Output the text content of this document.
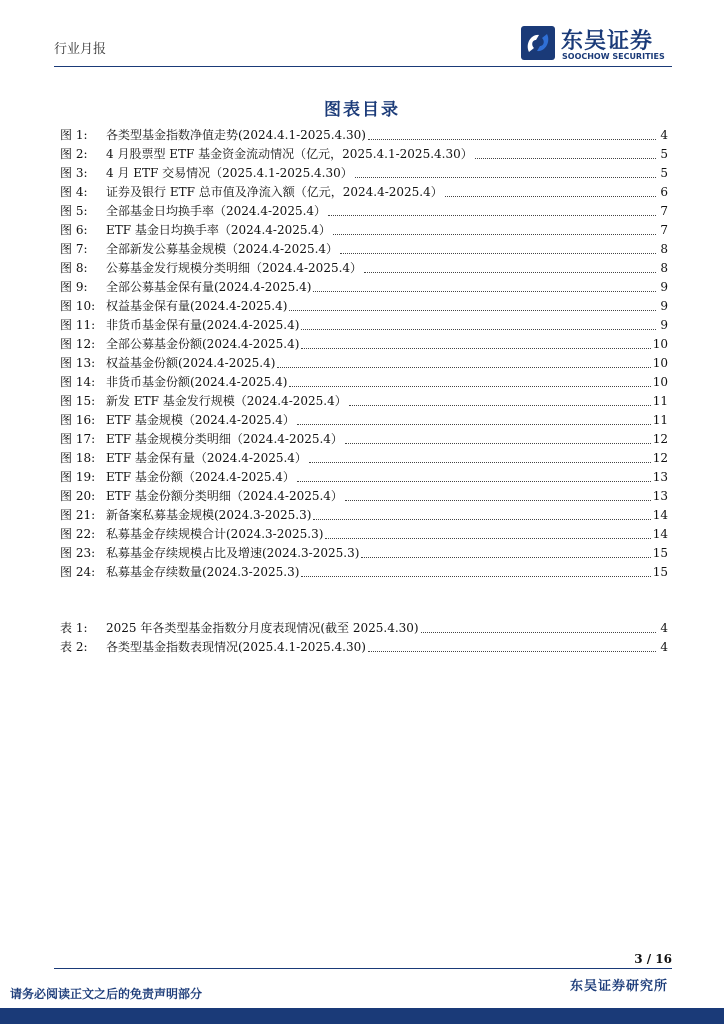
行业月报	东吴证券
SOOCHOW SECURITIES
图表目录
图 1:	各类型基金指数净值走势(2024.4.1-2025.4.30)	4
图 2:	4 月股票型 ETF 基金资金流动情况（亿元，2025.4.1-2025.4.30）	5
图 3:	4 月 ETF 交易情况（2025.4.1-2025.4.30）	5
图 4:	证券及银行 ETF 总市值及净流入额（亿元，2024.4-2025.4）	6
图 5:	全部基金日均换手率（2024.4-2025.4）	7
图 6:	ETF 基金日均换手率（2024.4-2025.4）	7
图 7:	全部新发公募基金规模（2024.4-2025.4）	8
图 8:	公募基金发行规模分类明细（2024.4-2025.4）	8
图 9:	全部公募基金保有量(2024.4-2025.4)	9
图 10: 权益基金保有量(2024.4-2025.4)	9
图 11: 非货币基金保有量(2024.4-2025.4)	9
图 12: 全部公募基金份额(2024.4-2025.4)	10
图 13: 权益基金份额(2024.4-2025.4)	10
图 14: 非货币基金份额(2024.4-2025.4)	10
图 15: 新发 ETF 基金发行规模（2024.4-2025.4）	11
图 16: ETF 基金规模（2024.4-2025.4）	11
图 17: ETF 基金规模分类明细（2024.4-2025.4）	12
图 18: ETF 基金保有量（2024.4-2025.4）	12
图 19: ETF 基金份额（2024.4-2025.4）	13
图 20: ETF 基金份额分类明细（2024.4-2025.4）	13
图 21: 新备案私募基金规模(2024.3-2025.3)	14
图 22: 私募基金存续规模合计(2024.3-2025.3)	14
图 23: 私募基金存续规模占比及增速(2024.3-2025.3)	15
图 24: 私募基金存续数量(2024.3-2025.3)	15
表 1:	2025 年各类型基金指数分月度表现情况(截至 2025.4.30)	4
表 2:	各类型基金指数表现情况(2025.4.1-2025.4.30)	4
3 / 16
请务必阅读正文之后的免责声明部分	东吴证券研究所
